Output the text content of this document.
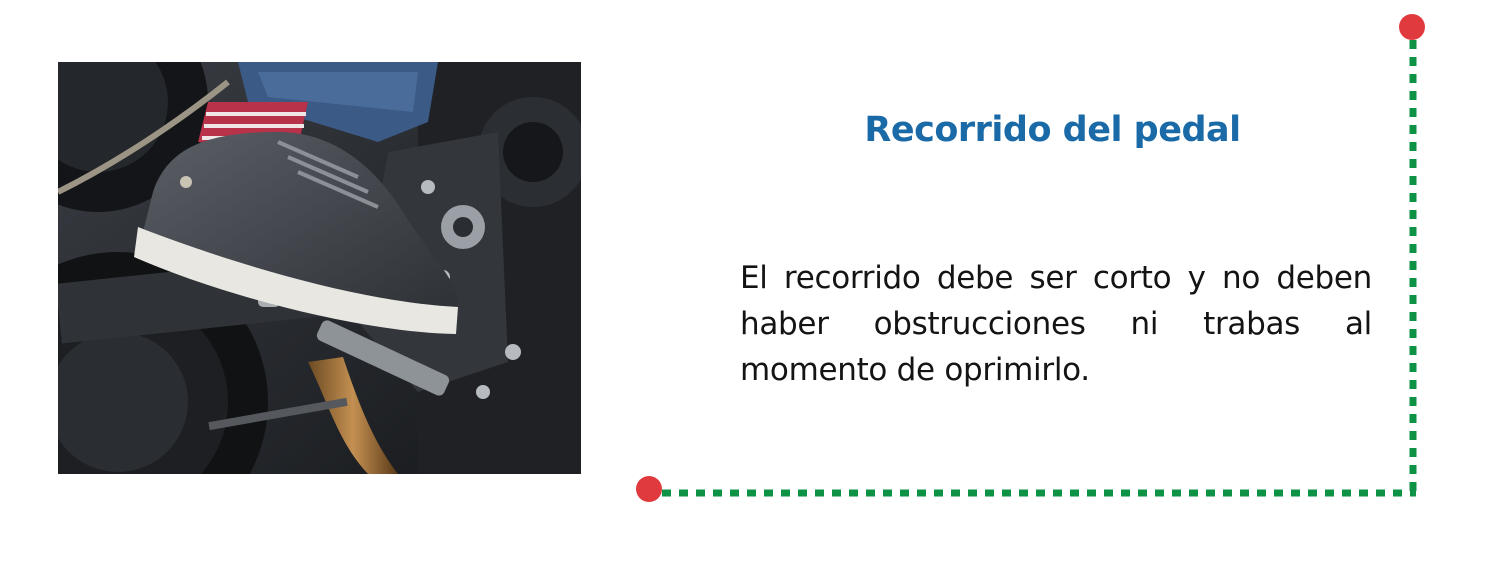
Recorrido del pedal
El recorrido debe ser corto y no deben haber obstrucciones ni trabas al momento de oprimirlo.
